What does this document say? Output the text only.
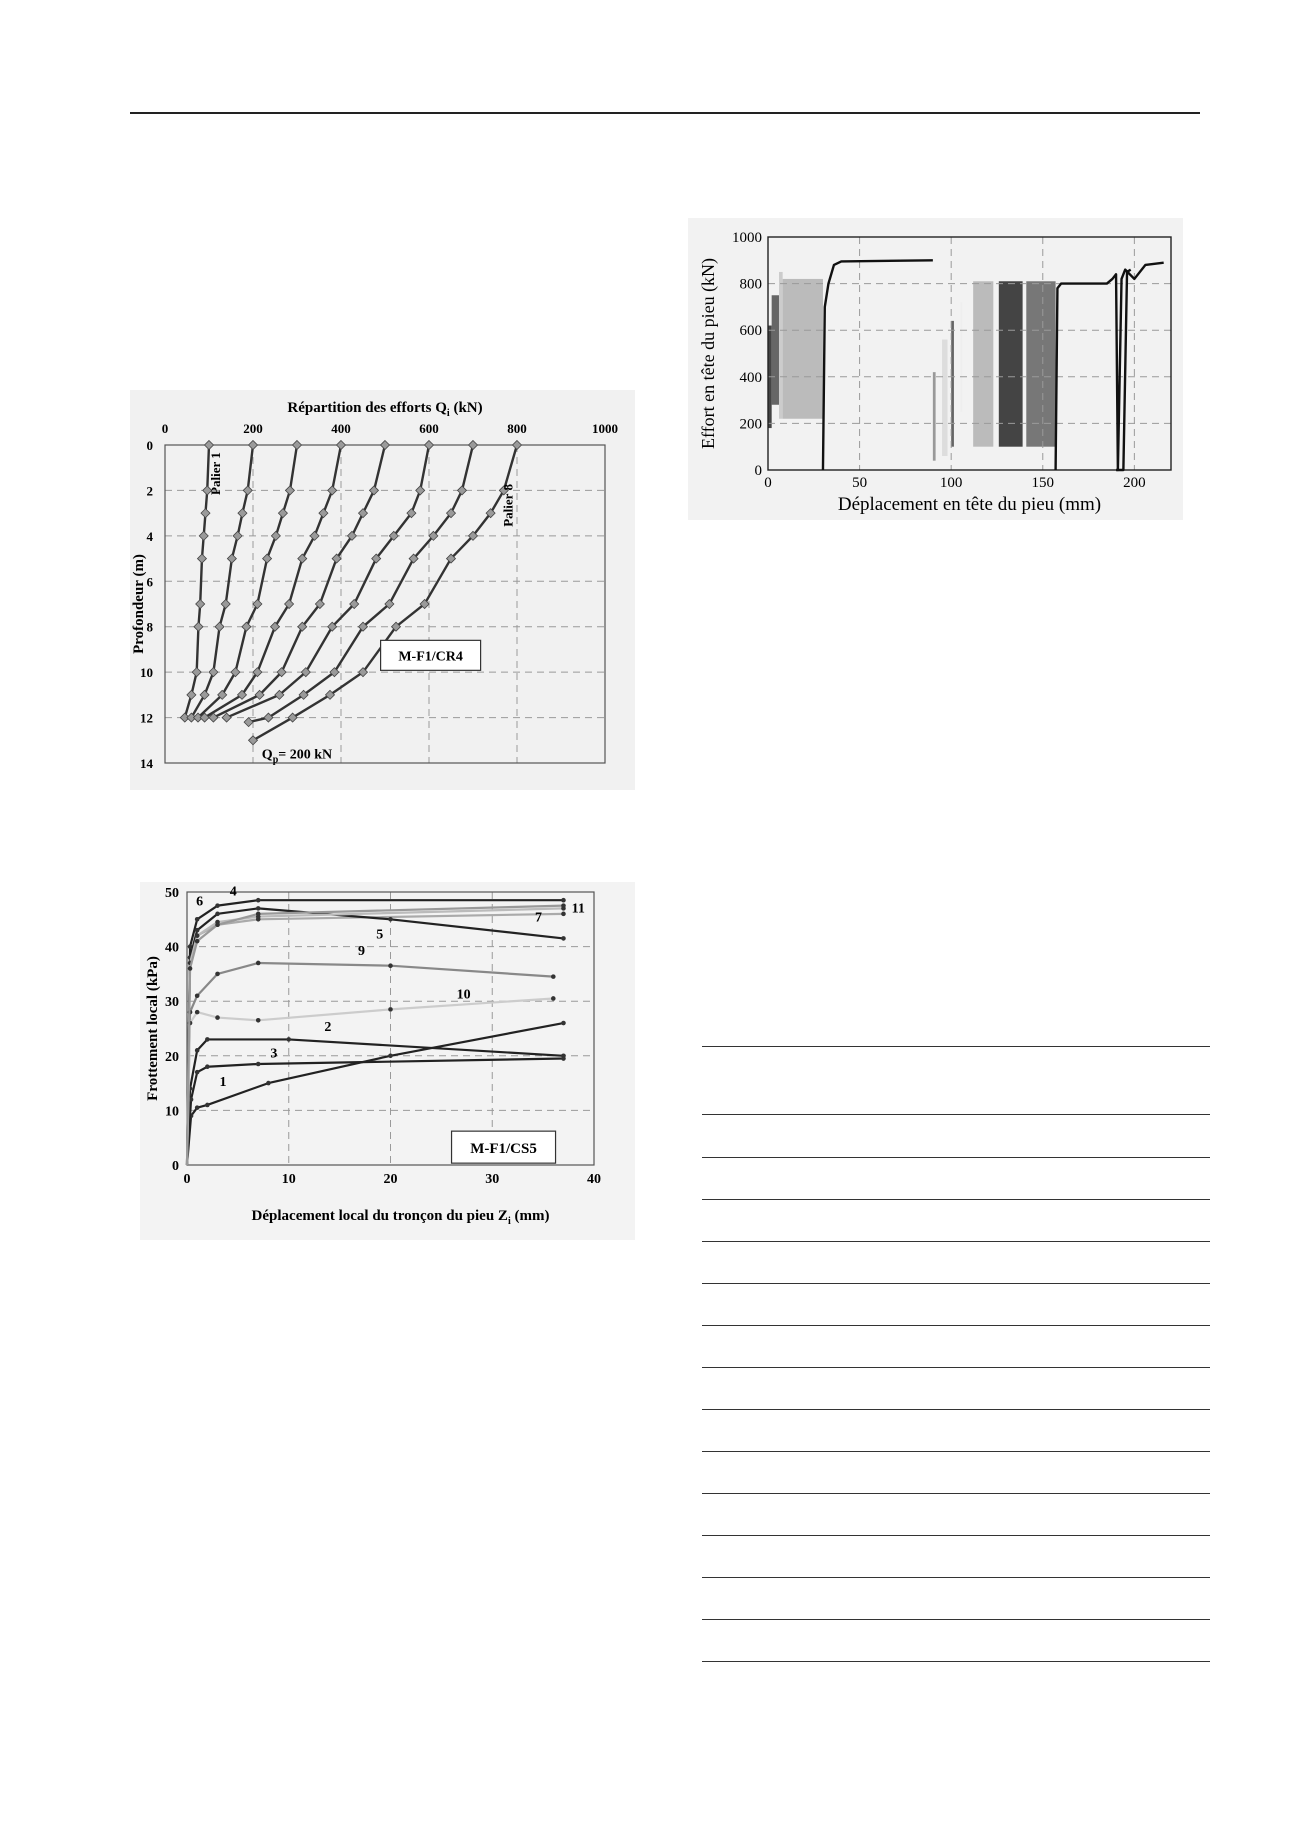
0	200	400	600	800	1000
0
2
4
6
8
10
12
14
Répartition des efforts $Q_i$ (kN)
Profondeur (m)
Palier 1
Palier 8
$Q_p= 200$ kN
M-F1/CR4
0	10	20	30	40
0
10
20
30
40
50
Déplacement local du tronçon du pieu $Z_i$ (mm)
Frottement local (kPa)	1
2
3
4
5
6
7
9
10
11
M-F1/CS5
0	50	100	150	200
0
200
400
600
800
1000
Déplacement en tête du pieu (mm)
Effort en tête du pieu (kN)
